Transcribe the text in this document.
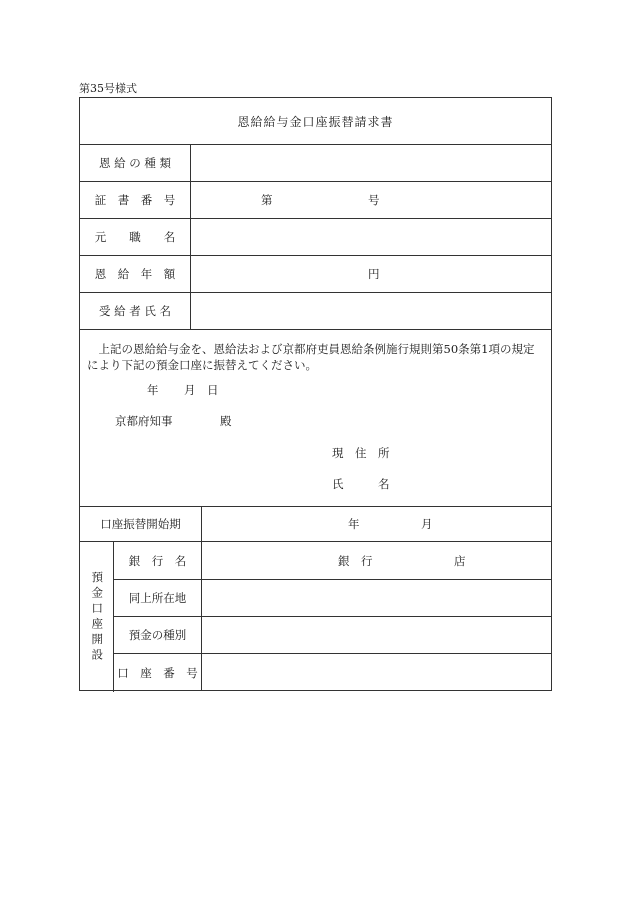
第35号様式
恩給給与金口座振替請求書
恩 給 の 種 類
証　書　番　号	第	号
元　　職　　名
恩　給　年　額	円
受 給 者 氏 名
上記の恩給給与金を、恩給法および京都府吏員恩給条例施行規則第50条第1項の規定により下記の預金口座に振替えてください。
年 月 日
京都府知事	殿
現　住　所
氏　　　名
口座振替開始期	年	月
預金口座開設
銀　行　名	銀　行	店
同上所在地
預金の種別
口　座　番　号
